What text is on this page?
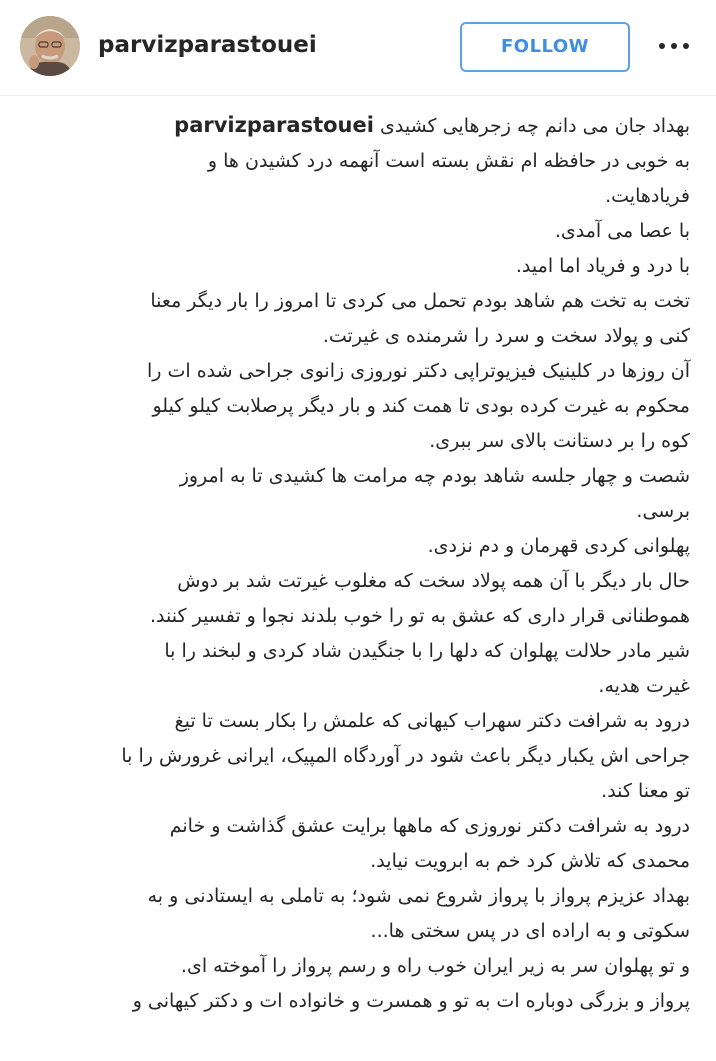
parvizparastouei	FOLLOW
بهداد جان می دانم چه زجرهایی کشیدی parvizparastouei
به خوبی در حافظه ام نقش بسته است آنهمه درد کشیدن ها و
فریادهایت.
با عصا می آمدی.
با درد و فریاد اما امید.
تخت به تخت هم شاهد بودم تحمل می کردی تا امروز را بار دیگر معنا
کنی و پولاد سخت و سرد را شرمنده ی غیرتت.
آن روزها در کلینیک فیزیوتراپی دکتر نوروزی زانوی جراحی شده ات را
محکوم به غیرت کرده بودی تا همت کند و بار دیگر پرصلابت کیلو کیلو
کوه را بر دستانت بالای سر ببری.
شصت و چهار جلسه شاهد بودم چه مرامت ها کشیدی تا به امروز
برسی.
پهلوانی کردی قهرمان و دم نزدی.
حال بار دیگر با آن همه پولاد سخت که مغلوب غیرتت شد بر دوش
هموطنانی قرار داری که عشق به تو را خوب بلدند نجوا و تفسیر کنند.
شیر مادر حلالت پهلوان که دلها را با جنگیدن شاد کردی و لبخند را با
غیرت هدیه.
درود به شرافت دکتر سهراب کیهانی که علمش را بکار بست تا تیغ
جراحی اش یکبار دیگر باعث شود در آوردگاه المپیک، ایرانی غرورش را با
تو معنا کند.
درود به شرافت دکتر نوروزی که ماهها برایت عشق گذاشت و خانم
محمدی که تلاش کرد خم به ابرویت نیاید.
بهداد عزیزم پرواز با پرواز شروع نمی شود؛ به تاملی به ایستادنی و به
سکوتی و به اراده ای در پس سختی ها...
و تو پهلوان سر به زیر ایران خوب راه و رسم پرواز را آموخته ای.
پرواز و بزرگی دوباره ات به تو و همسرت و خانواده ات و دکتر کیهانی و
